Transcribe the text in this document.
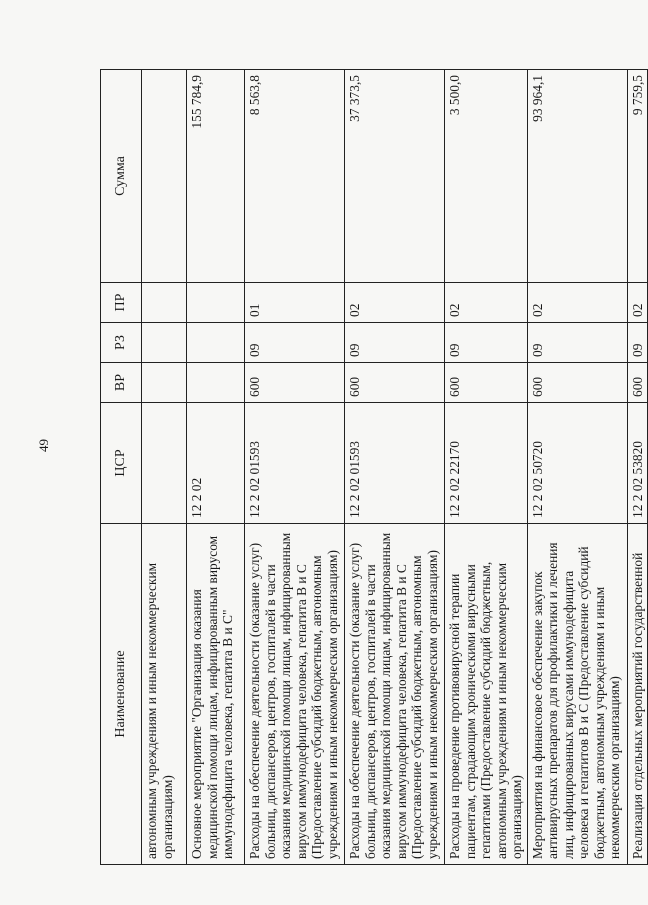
49
Наименование	ЦСР	ВР	РЗ	ПР	Сумма
автономным учреждениям и иным некоммерческим организациям)					
Основное мероприятие "Организация оказания медицинской помощи лицам, инфицированным вирусом иммунодефицита человека, гепатита В и С"	12 2 02				155 784,9
Расходы на обеспечение деятельности (оказание услуг) больниц, диспансеров, центров, госпиталей в части оказания медицинской помощи лицам, инфицированным вирусом иммунодефицита человека, гепатита В и С (Предоставление субсидий бюджетным, автономным учреждениям и иным некоммерческим организациям)	12 2 02 01593	600	09	01	8 563,8
Расходы на обеспечение деятельности (оказание услуг) больниц, диспансеров, центров, госпиталей в части оказания медицинской помощи лицам, инфицированным вирусом иммунодефицита человека, гепатита В и С (Предоставление субсидий бюджетным, автономным учреждениям и иным некоммерческим организациям)	12 2 02 01593	600	09	02	37 373,5
Расходы на проведение противовирусной терапии пациентам, страдающим хроническими вирусными гепатитами (Предоставление субсидий бюджетным, автономным учреждениям и иным некоммерческим организациям)	12 2 02 22170	600	09	02	3 500,0
Мероприятия на финансовое обеспечение закупок антивирусных препаратов для профилактики и лечения лиц, инфицированных вирусами иммунодефицита человека и гепатитов В и С (Предоставление субсидий бюджетным, автономным учреждениям и иным некоммерческим организациям)	12 2 02 50720	600	09	02	93 964,1
Реализация отдельных мероприятий государственной	12 2 02 53820	600	09	02	9 759,5
